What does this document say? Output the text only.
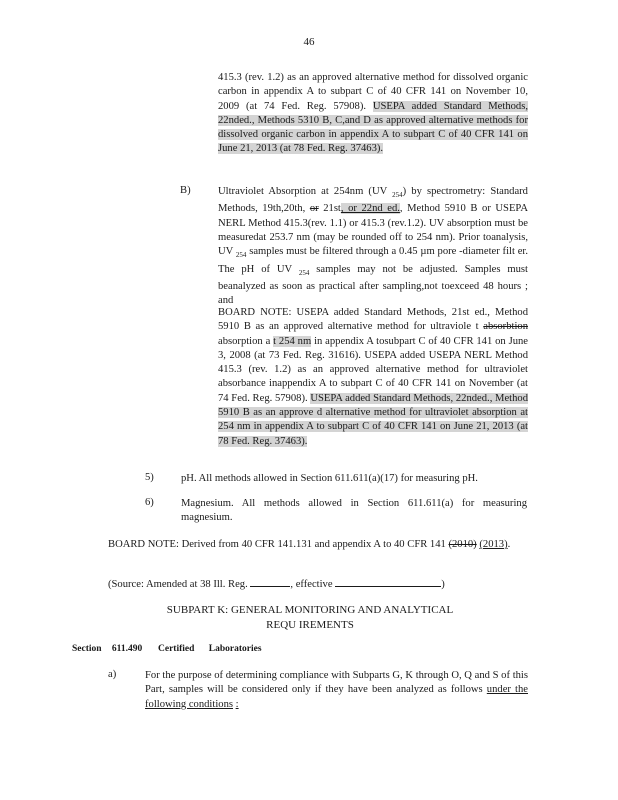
46
415.3 (rev. 1.2) as an approved alternative method for dissolved organic carbon in appendix A to subpart C of 40 CFR 141 on November 10, 2009 (at 74 Fed. Reg. 57908). USEPA added Standard Methods, 22nded., Methods 5310 B, C,and D as approved alternative methods for dissolved organic carbon in appendix A to subpart C of 40 CFR 141 on June 21, 2013 (at 78 Fed. Reg. 37463).
B)	Ultraviolet Absorption at 254nm (UV $_{254}$) by spectrometry: Standard Methods, 19th,20th, or 21st, or 22nd ed., Method 5910 B or USEPA NERL Method 415.3(rev. 1.1) or 415.3 (rev.1.2). UV absorption must be measuredat 253.7 nm (may be rounded off to 254 nm). Prior toanalysis, UV $_{254}$ samples must be filtered through a 0.45 µm pore -diameter filt er. The pH of UV $_{254}$ samples may not be adjusted. Samples must beanalyzed as soon as practical after sampling,not toexceed 48 hours ; and
BOARD NOTE: USEPA added Standard Methods, 21st ed., Method 5910 B as an approved alternative method for ultraviole t absorbtion absorption a t 254 nm in appendix A tosubpart C of 40 CFR 141 on June 3, 2008 (at 73 Fed. Reg. 31616). USEPA added USEPA NERL Method 415.3 (rev. 1.2) as an approved alternative method for ultraviolet absorbance inappendix A to subpart C of 40 CFR 141 on November (at 74 Fed. Reg. 57908). USEPA added Standard Methods, 22nded., Method 5910 B as an approve d alternative method for ultraviolet absorption at 254 nm in appendix A to subpart C of 40 CFR 141 on June 21, 2013 (at 78 Fed. Reg. 37463).
5)	pH. All methods allowed in Section 611.611(a)(17) for measuring pH.
6)	Magnesium. All methods allowed in Section 611.611(a) for measuring magnesium.
BOARD NOTE: Derived from 40 CFR 141.131 and appendix A to 40 CFR 141 (2010) (2013).
(Source: Amended at 38 Ill. Reg.	, effective	)
SUBPART K: GENERAL MONITORING AND ANALYTICAL
REQU IREMENTS
Section 611.490 Certified Laboratories
a)	For the purpose of determining compliance with Subparts G, K through O, Q and S of this Part, samples will be considered only if they have been analyzed as follows under the following conditions :
